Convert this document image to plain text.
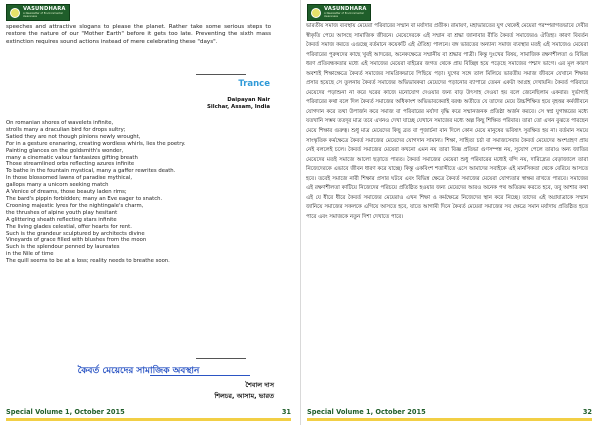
VASUNDHARA
A Newsletter of Environmental Awareness

speeches and attractive slogans to please the planet. Rather take some serious steps to restore the nature of our "Mother Earth" before it gets too late. Preventing the sixth mass extinction requires sound actions instead of mere celebrating these "days".

Trance
Daipayan Nair
Silchar, Assam, India
On romanian shores of wavelets infinite,
strolls many a draculian bird for drops sultry;
Satied they are not though pinions newly wrought,
For in a gesture ensnaring, creating wordless whirls, lies the poetry.
Painting glances on the goldsmith's wonder,
many a cinematic valour fantasizes gifting breath
Those streamlined orbs reflecting azures infinite
To bathe in the fountain mystical, many a gaffer rewrites death.
In those blossomed lawns of paradise mythical,
gallops many a unicorn seeking match
A Venice of dreams, those beauty laden rims;
The bard's pippin forbidden; many an Eve eager to snatch.
Crooning majestic lyres for the nightingale's charm,
the thrushes of alpine youth play hesitant
A glittering sheath reflecting stars infinite
The living glades celestial, offer hearts for rent.
Such is the grandeur sculptured by architects divine
Vineyards of grace filled with blushes from the moon
Such is the splendour penned by laureates
in the Nile of time
The quill seems to be at a loss; reality needs to breathe soon.
কৈবর্ত মেয়েদের সামাজিক অবস্থান
শৈবাল দাস
শিলচর, আসাম, ভারত
Special Volume 1, October 2015	31
VASUNDHARA
A Newsletter of Environmental Awareness
Special Volume 1, October 2015	32

ভারতীয় সমাজ ব্যবস্থায় মেয়েরা পরিবারের সম্মান বা মর্যাদার প্রতীক। রামায়ণ, মহাভারতের যুগ থেকেই মেয়েরা পরম্পরাগতভাবে দেবীর স্বীকৃতি পেয়ে আসছে সামাজিক জীবনে। মেয়েদেরকে এই সম্মান বা শ্রদ্ধা জানাবার রীতি কৈবর্ত সমাজেরও ঐতিহ্য। কারণ বিবর্তন কৈবর্ত সমাজ করতে এগুচ্ছে বর্তমানে কয়েকটি এই ঐতিহ্য পালনে। বঙ্গ ভারতের অন্যান্য সমাজ ব্যবস্থার মতই এই সমাজেও মেয়েরা পরিবারের পুরুষদের কাছে খুবই আদরের, অনেকক্ষেত্রে সম্মানীয় বা শ্রদ্ধার পাত্রী। কিন্তু দুঃখের বিষয়, সামাজিক রক্ষণশীলতা ও বিভিন্ন ধরণ প্রতিবন্ধকতার মধ্যে এই সমাজের মেয়েরা বাইরের জগত থেকে প্রায় বিচ্ছিন্ন হয়ে পড়েছে সমাজের পশ্চাদ ভাগে। এর মূল কারণ অবশ্যই শিক্ষাক্ষেত্রে কৈবর্ত সমাজের সামগ্রিকভাবে পিছিয়ে পড়া। যুগের সঙ্গে তাল মিলিয়ে ভারতীয় সমাজ জীবনে যেখানে শিক্ষার প্রসার হয়েছে সে তুলনায় কৈবর্ত সমাজের অভিভাবকরা মেয়েদের পড়ানোর ব্যাপারে তেমন একটা আগ্রহ দেখায়নি। কৈবর্ত পরিবারে মেয়েদের পড়াশুনা না করে ঘরের কাজে মনোযোগ দেওয়ার জন্য বাড় উৎসাহ দেওয়া হয় বলে জেনেছিলাম একবার। দুর্ভাগ্যই পরিবারের কথা বলে দিল কৈবর্ত সমাজের অধিকাংশ অভিভাবকেরাই বরঞ্চ অতীতে যে তাদের মেয়ে উচ্চশিক্ষিত হয়ে বৃহত্তর কর্মজীবনে যোগদান করে তথা উপার্জন করে সমাজ বা পরিবারের মর্যাদা বৃদ্ধি করে সম্মানজনক প্রতিষ্ঠা অর্জন করবে। সে স্বপ্ন যুগান্তরের মধ্যে যতখানি সম্ভব ততদূর মাত্র তবে এখনও দেখা যাচ্ছে যেখানে সমাজের মধ্যে অল্প কিছু শিক্ষিত পরিবার। তারা তো এখন বুঝতে পারছেন মেয়ে শিক্ষার গুরুত্ব। শুধু মাত্র মেয়েদের কিছু ব্রত বা পূজার্চনা বান দিলে কোন মেয়ে মানুষের ভবিষ্যৎ সুরক্ষিত হয় না। বর্তমান সময়ে সাংস্কৃতিক কর্মক্ষেত্রে কৈবর্ত সমাজের মেয়েদের যোগদান সামান্য। শিক্ষা, সাহিত্য চর্চা বা সমাজসেবায় কৈবর্ত মেয়েদের অংশগ্রহণ প্রায় নেই বললেই চলে। কৈবর্ত সমাজের মেয়েরা কখনো এমন নয় তারা বিজ্ঞ প্রতিভা গুণসম্পন্ন নয়, সুযোগ পেলে তারাও অন্য জাতির মেয়েদের মতই সমাজে আলো ছড়াতে পারত। কৈবর্ত সমাজের মেয়েরা শুধু পরিবারের মধ্যেই বন্দি নয়, দারিদ্র্যের বেড়াজালে তারা নিজেদেরকে এভাবে জীবন ধারণ করে যাচ্ছে। কিন্তু একবিংশ শতাব্দীতে এসে আমাদের সবাইকে এই মানসিকতা থেকে বেরিয়ে আসতে হবে। তবেই সমাজে নারী শিক্ষার প্রসার ঘটবে এবং বিভিন্ন ক্ষেত্রে কৈবর্ত সমাজের মেয়েরা যোগ্যতার স্বাক্ষর রাখতে পারবে। সমাজের এই রক্ষণশীলতা কাটিয়ে নিজেদের পরিচয়ে প্রতিষ্ঠিত হওয়ার জন্য মেয়েদের আরও অনেক পথ অতিক্রম করতে হবে, তবু আশার কথা এই যে ধীরে ধীরে কৈবর্ত সমাজের মেয়েরাও এখন শিক্ষা ও কর্মক্ষেত্রে নিজেদের স্থান করে নিচ্ছে। তাদের এই অগ্রযাত্রাকে সম্মান জানিয়ে সমাজের সকলকে এগিয়ে আসতে হবে, যাতে আগামী দিনে কৈবর্ত মেয়েরা সমাজের সব ক্ষেত্রে সমান মর্যাদায় প্রতিষ্ঠিত হতে পারে এবং সমাজকে নতুন দিশা দেখাতে পারে।
